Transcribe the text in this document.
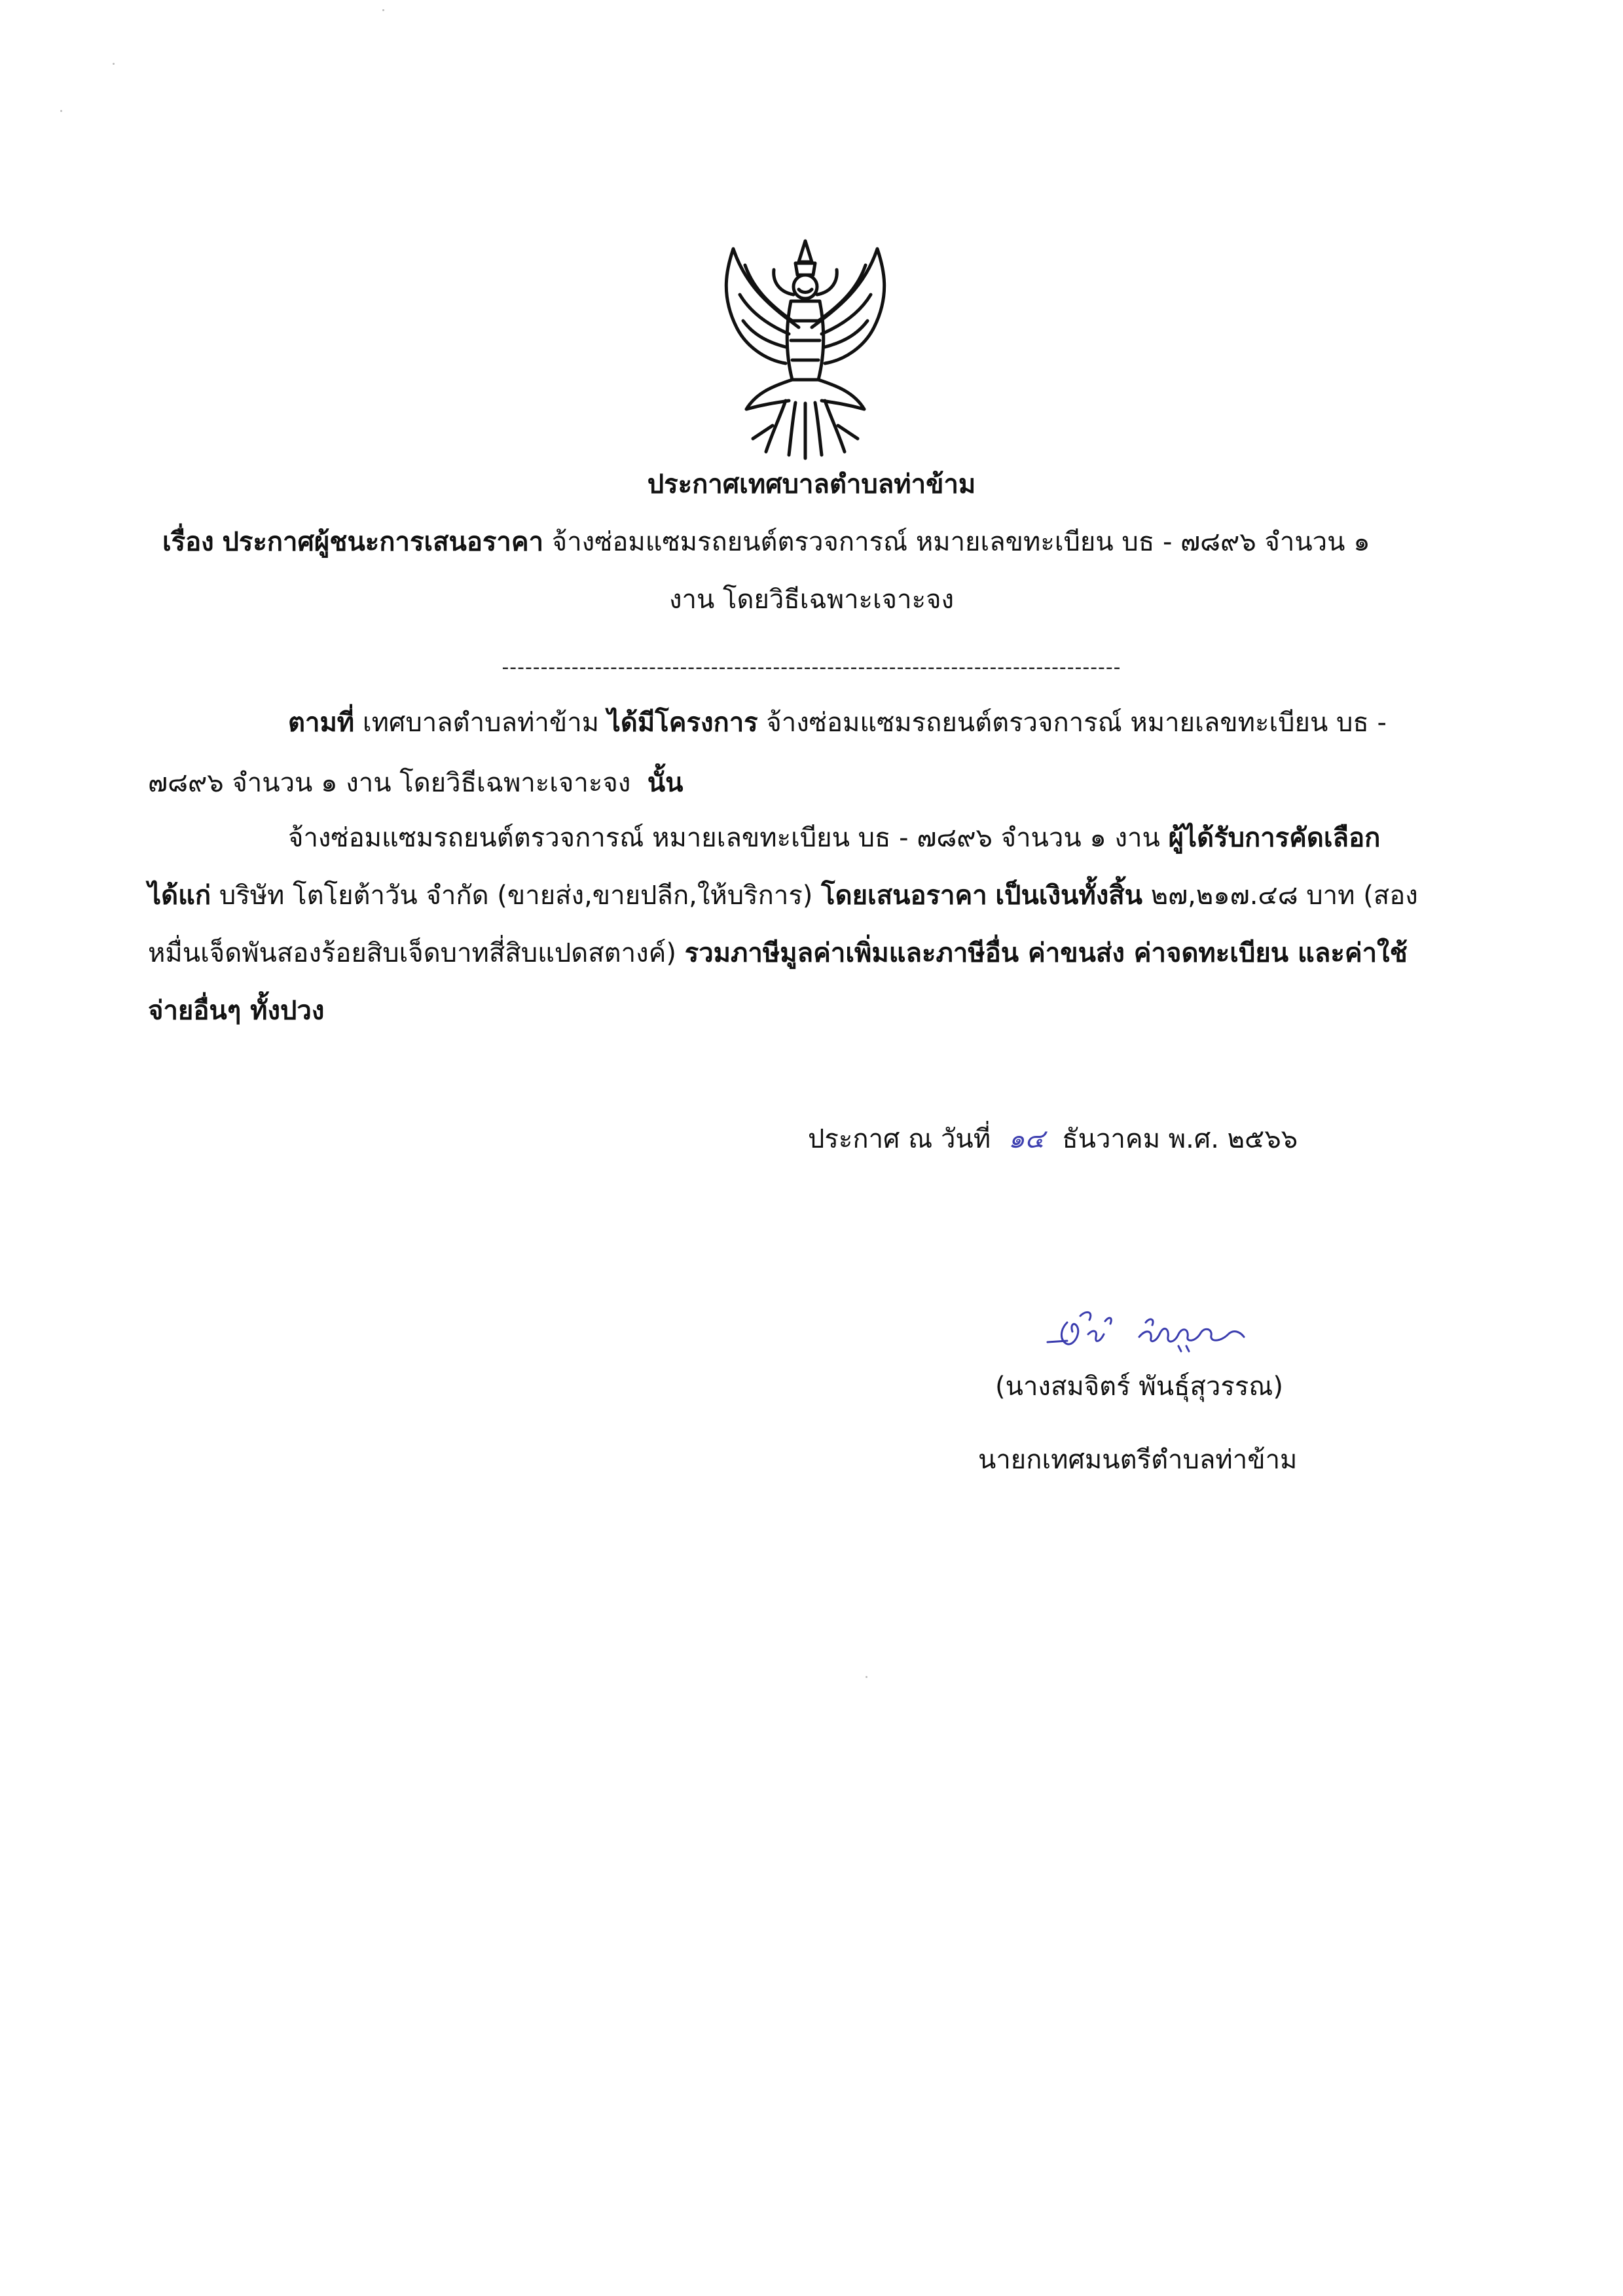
ประกาศเทศบาลตำบลท่าข้าม
เรื่อง ประกาศผู้ชนะการเสนอราคา จ้างซ่อมแซมรถยนต์ตรวจการณ์ หมายเลขทะเบียน บธ - ๗๘๙๖ จำนวน ๑
งาน โดยวิธีเฉพาะเจาะจง
--------------------------------------------------------------------------------
ตามที่ เทศบาลตำบลท่าข้าม ได้มีโครงการ จ้างซ่อมแซมรถยนต์ตรวจการณ์ หมายเลขทะเบียน บธ -
๗๘๙๖ จำนวน ๑ งาน โดยวิธีเฉพาะเจาะจง นั้น
จ้างซ่อมแซมรถยนต์ตรวจการณ์ หมายเลขทะเบียน บธ - ๗๘๙๖ จำนวน ๑ งาน ผู้ได้รับการคัดเลือก
ได้แก่ บริษัท โตโยต้าวัน จำกัด (ขายส่ง,ขายปลีก,ให้บริการ) โดยเสนอราคา เป็นเงินทั้งสิ้น ๒๗,๒๑๗.๔๘ บาท (สอง
หมื่นเจ็ดพันสองร้อยสิบเจ็ดบาทสี่สิบแปดสตางค์) รวมภาษีมูลค่าเพิ่มและภาษีอื่น ค่าขนส่ง ค่าจดทะเบียน และค่าใช้
จ่ายอื่นๆ ทั้งปวง
ประกาศ ณ วันที่ ๑๔ ธันวาคม พ.ศ. ๒๕๖๖
(นางสมจิตร์ พันธุ์สุวรรณ)
นายกเทศมนตรีตำบลท่าข้าม
